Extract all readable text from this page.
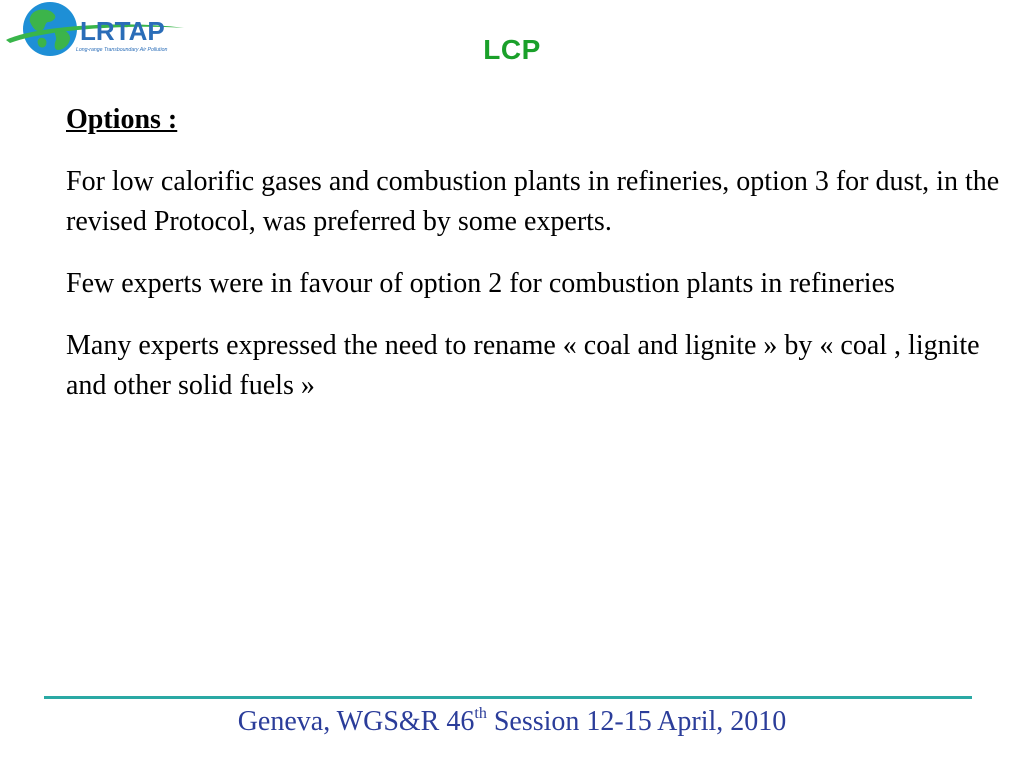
LRTAP
Long-range Transboundary Air Pollution	LCP

Options :

For low calorific gases and combustion plants in refineries, option 3 for dust, in the revised Protocol, was preferred by some experts.

Few experts were in favour of option 2 for combustion plants in refineries

Many experts expressed the need to rename « coal and lignite » by « coal , lignite and other solid fuels »

Geneva, WGS&R 46th Session 12-15 April, 2010
